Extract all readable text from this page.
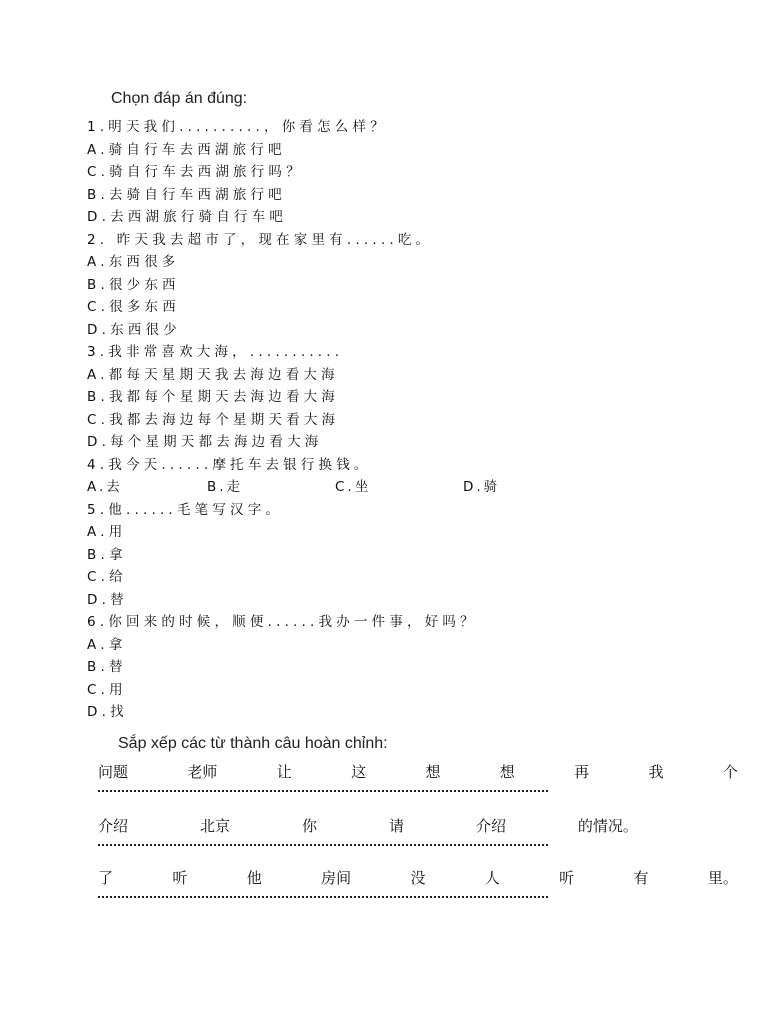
Chọn đáp án đúng:
1.明天我们..........，你看怎么样？
A.骑自行车去西湖旅行吧
C.骑自行车去西湖旅行吗？
B.去骑自行车西湖旅行吧
D.去西湖旅行骑自行车吧
2. 昨天我去超市了，现在家里有......吃。
A.东西很多
B.很少东西
C.很多东西
D.东西很少
3.我非常喜欢大海，...........
A.都每天星期天我去海边看大海
B.我都每个星期天去海边看大海
C.我都去海边每个星期天看大海
D.每个星期天都去海边看大海
4.我今天......摩托车去银行换钱。
A.去	B.走	C.坐	D.骑
5.他......毛笔写汉字。
A.用
B.拿
C.给
D.替
6.你回来的时候，顺便......我办一件事，好吗？
A.拿
B.替
C.用
D.找
Sắp xếp các từ thành câu hoàn chỉnh:
问题	老师	让	这	想	想	再	我	个
介绍	北京	你	请	介绍	的情况。
了	听	他	房间	没	人	听	有	里。
